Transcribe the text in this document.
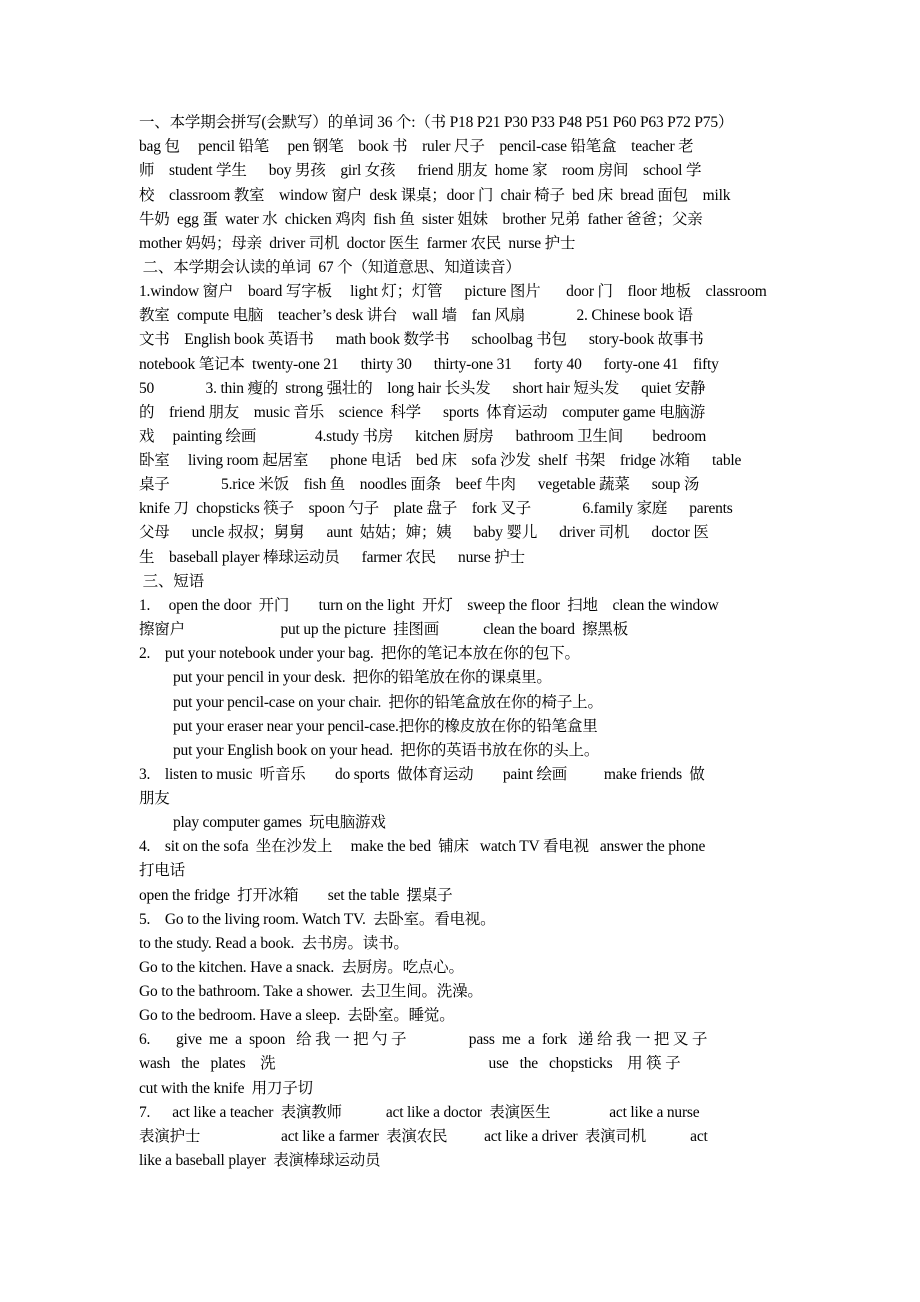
一、本学期会拼写(会默写）的单词 36 个:（书 P18 P21 P30 P33 P48 P51 P60 P63 P72 P75）
bag 包     pencil 铅笔     pen 钢笔    book 书    ruler 尺子    pencil-case 铅笔盒    teacher 老
师    student 学生      boy 男孩    girl 女孩      friend 朋友  home 家    room 房间    school 学
校    classroom 教室    window 窗户  desk 课桌；door 门  chair 椅子  bed 床  bread 面包    milk
牛奶  egg 蛋  water 水  chicken 鸡肉  fish 鱼  sister 姐妹    brother 兄弟  father 爸爸；父亲
mother 妈妈；母亲  driver 司机  doctor 医生  farmer 农民  nurse 护士
二、本学期会认读的单词  67 个（知道意思、知道读音）
1.window 窗户    board 写字板     light 灯；灯管      picture 图片       door 门    floor 地板    classroom
教室  compute 电脑    teacher’s desk 讲台    wall 墙    fan 风扇              2. Chinese book 语
文书    English book 英语书      math book 数学书      schoolbag 书包      story-book 故事书
notebook 笔记本  twenty-one 21      thirty 30      thirty-one 31      forty 40      forty-one 41    fifty
50              3. thin 瘦的  strong 强壮的    long hair 长头发      short hair 短头发      quiet 安静
的    friend 朋友    music 音乐    science  科学      sports  体育运动    computer game 电脑游
戏     painting 绘画                4.study 书房      kitchen 厨房      bathroom 卫生间        bedroom
卧室     living room 起居室      phone 电话    bed 床    sofa 沙发  shelf  书架    fridge 冰箱      table
桌子              5.rice 米饭    fish 鱼    noodles 面条    beef 牛肉      vegetable 蔬菜      soup 汤
knife 刀  chopsticks 筷子    spoon 勺子    plate 盘子    fork 叉子              6.family 家庭      parents
父母      uncle 叔叔；舅舅      aunt  姑姑；婶；姨      baby 婴儿      driver 司机      doctor 医
生    baseball player 棒球运动员      farmer 农民      nurse 护士
三、短语
1.     open the door  开门        turn on the light  开灯    sweep the floor  扫地    clean the window
擦窗户                          put up the picture  挂图画            clean the board  擦黑板
2.    put your notebook under your bag.  把你的笔记本放在你的包下。
put your pencil in your desk.  把你的铅笔放在你的课桌里。
put your pencil-case on your chair.  把你的铅笔盒放在你的椅子上。
put your eraser near your pencil-case.把你的橡皮放在你的铅笔盒里
put your English book on your head.  把你的英语书放在你的头上。
3.    listen to music  听音乐        do sports  做体育运动        paint 绘画          make friends  做
朋友
play computer games  玩电脑游戏
4.    sit on the sofa  坐在沙发上     make the bed  铺床   watch TV 看电视   answer the phone
打电话
open the fridge  打开冰箱        set the table  摆桌子
5.    Go to the living room. Watch TV.  去卧室。看电视。
to the study. Read a book.  去书房。读书。
Go to the kitchen. Have a snack.  去厨房。吃点心。
Go to the bathroom. Take a shower.  去卫生间。洗澡。
Go to the bedroom. Have a sleep.  去卧室。睡觉。
6.       give  me  a  spoon   给 我 一 把 勺 子                 pass  me  a  fork   递 给 我 一 把 叉 子
wash   the   plates    洗                                                          use   the   chopsticks    用 筷 子
cut with the knife  用刀子切
7.      act like a teacher  表演教师            act like a doctor  表演医生                act like a nurse
表演护士                      act like a farmer  表演农民          act like a driver  表演司机            act
like a baseball player  表演棒球运动员
